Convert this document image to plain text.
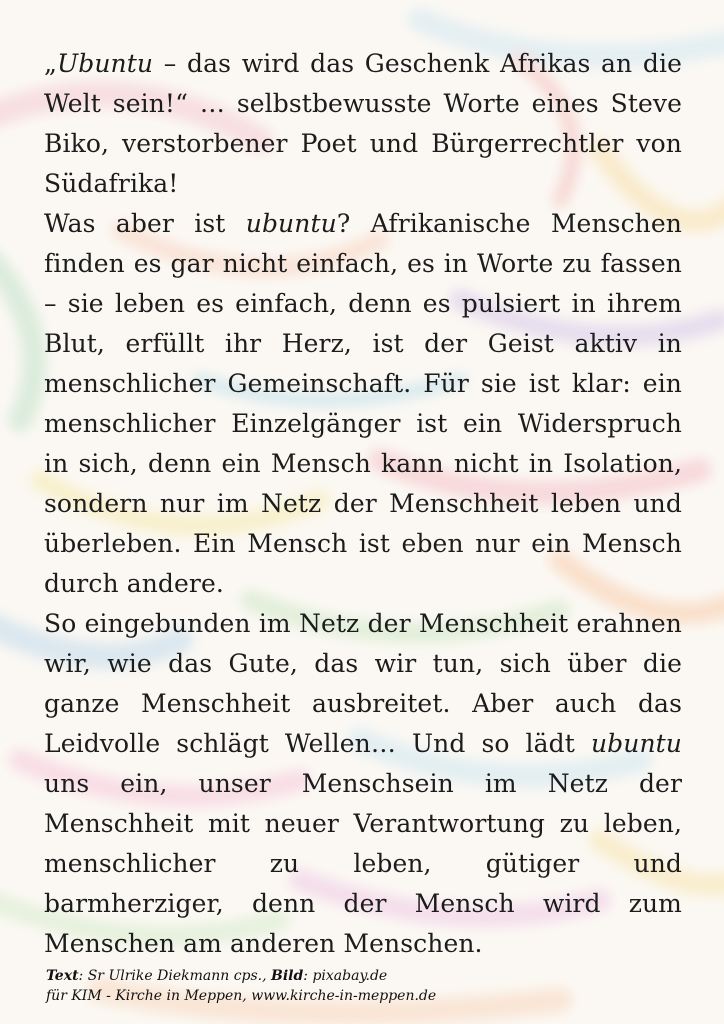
„Ubuntu – das wird das Geschenk Afrikas an die Welt sein!“ … selbstbewusste Worte eines Steve Biko, verstorbener Poet und Bürgerrechtler von Südafrika!

Was aber ist ubuntu? Afrikanische Menschen finden es gar nicht einfach, es in Worte zu fassen – sie leben es einfach, denn es pulsiert in ihrem Blut, erfüllt ihr Herz, ist der Geist aktiv in menschlicher Gemeinschaft. Für sie ist klar: ein menschlicher Einzelgänger ist ein Widerspruch in sich, denn ein Mensch kann nicht in Isolation, sondern nur im Netz der Menschheit leben und überleben. Ein Mensch ist eben nur ein Mensch durch andere.

So eingebunden im Netz der Menschheit erahnen wir, wie das Gute, das wir tun, sich über die ganze Menschheit ausbreitet. Aber auch das Leidvolle schlägt Wellen… Und so lädt ubuntu uns ein, unser Menschsein im Netz der Menschheit mit neuer Verantwortung zu leben, menschlicher zu leben, gütiger und barmherziger, denn der Mensch wird zum Menschen am anderen Menschen.

Text: Sr Ulrike Diekmann cps., Bild: pixabay.de
für KIM - Kirche in Meppen, www.kirche-in-meppen.de
